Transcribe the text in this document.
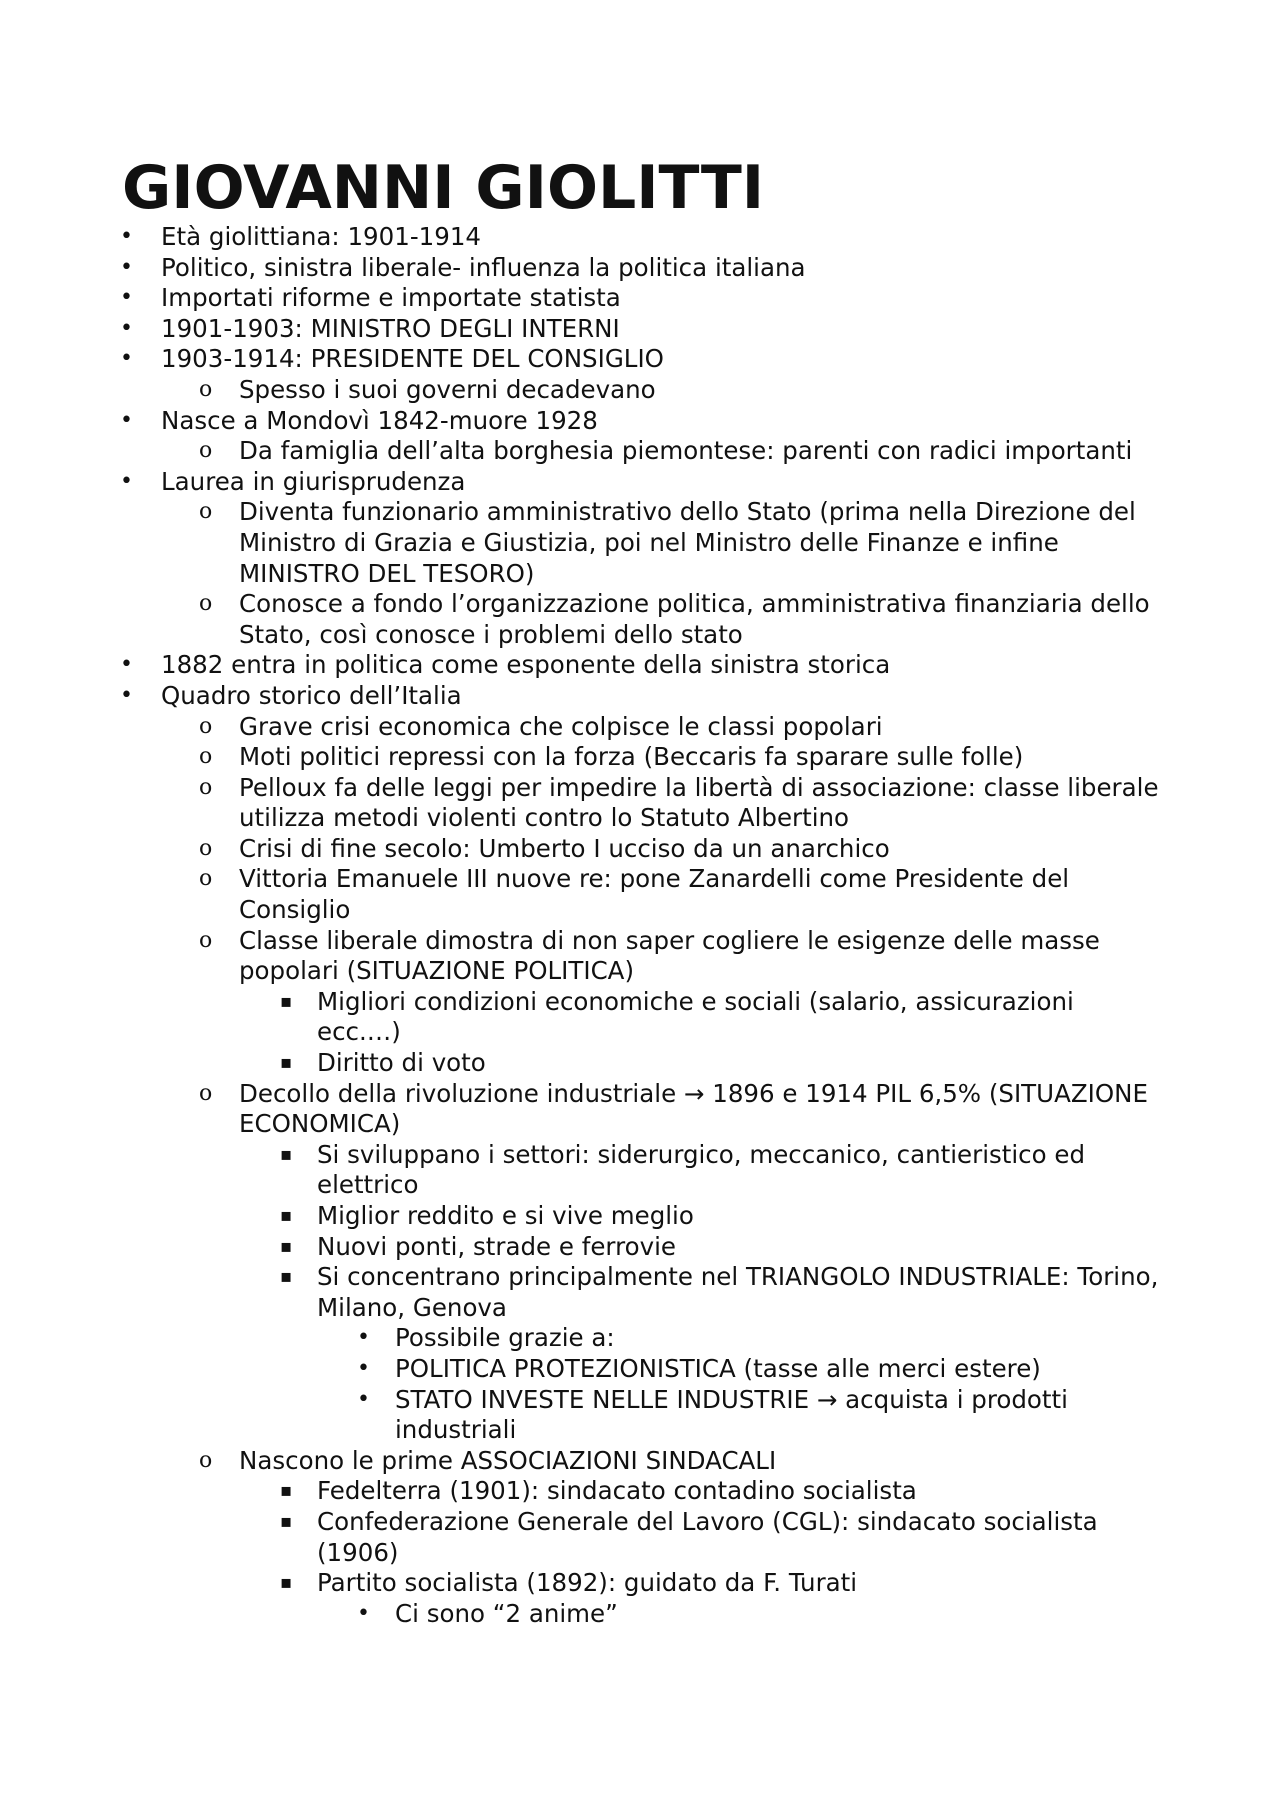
GIOVANNI GIOLITTI
• Età giolittiana: 1901-1914
• Politico, sinistra liberale- influenza la politica italiana
• Importati riforme e importate statista
• 1901-1903: MINISTRO DEGLI INTERNI
• 1903-1914: PRESIDENTE DEL CONSIGLIO
o Spesso i suoi governi decadevano
• Nasce a Mondovì 1842-muore 1928
o Da famiglia dell’alta borghesia piemontese: parenti con radici importanti
• Laurea in giurisprudenza
o Diventa funzionario amministrativo dello Stato (prima nella Direzione del Ministro di Grazia e Giustizia, poi nel Ministro delle Finanze e infine MINISTRO DEL TESORO)
o Conosce a fondo l’organizzazione politica, amministrativa finanziaria dello Stato, così conosce i problemi dello stato
• 1882 entra in politica come esponente della sinistra storica
• Quadro storico dell’Italia
o Grave crisi economica che colpisce le classi popolari
o Moti politici repressi con la forza (Beccaris fa sparare sulle folle)
o Pelloux fa delle leggi per impedire la libertà di associazione: classe liberale utilizza metodi violenti contro lo Statuto Albertino
o Crisi di fine secolo: Umberto I ucciso da un anarchico
o Vittoria Emanuele III nuove re: pone Zanardelli come Presidente del Consiglio
o Classe liberale dimostra di non saper cogliere le esigenze delle masse popolari (SITUAZIONE POLITICA)
▪ Migliori condizioni economiche e sociali (salario, assicurazioni ecc.…)
▪ Diritto di voto
o Decollo della rivoluzione industriale → 1896 e 1914 PIL 6,5% (SITUAZIONE ECONOMICA)
▪ Si sviluppano i settori: siderurgico, meccanico, cantieristico ed elettrico
▪ Miglior reddito e si vive meglio
▪ Nuovi ponti, strade e ferrovie
▪ Si concentrano principalmente nel TRIANGOLO INDUSTRIALE: Torino, Milano, Genova
• Possibile grazie a:
• POLITICA PROTEZIONISTICA (tasse alle merci estere)
• STATO INVESTE NELLE INDUSTRIE → acquista i prodotti industriali
o Nascono le prime ASSOCIAZIONI SINDACALI
▪ Fedelterra (1901): sindacato contadino socialista
▪ Confederazione Generale del Lavoro (CGL): sindacato socialista (1906)
▪ Partito socialista (1892): guidato da F. Turati
• Ci sono “2 anime”
